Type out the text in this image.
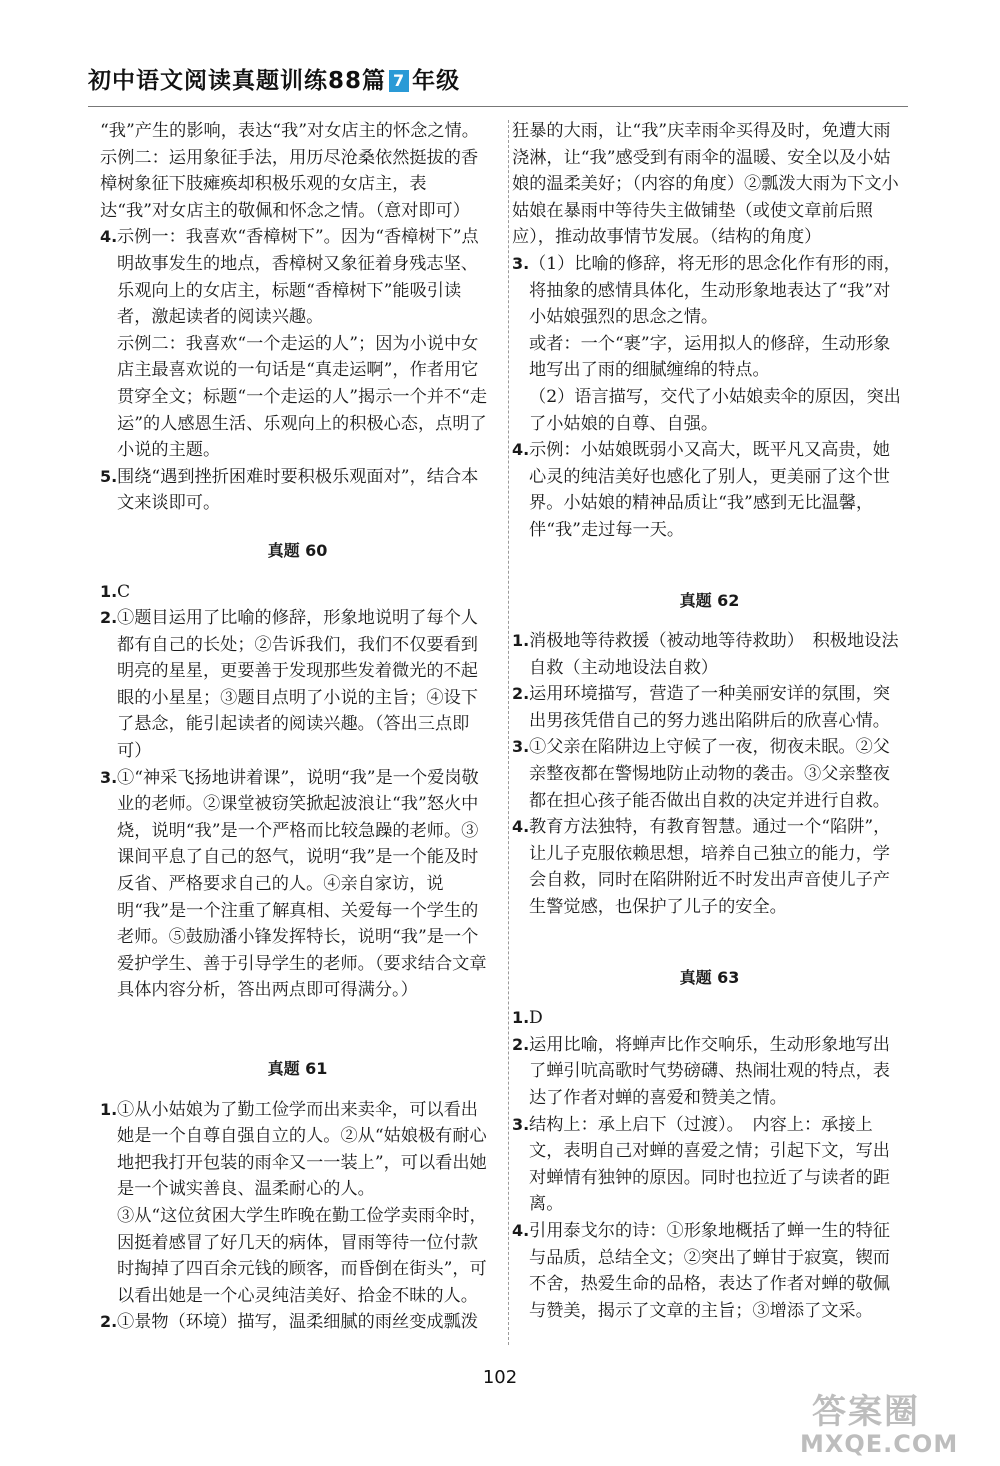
初中语文阅读真题训练88篇 7 年级

“我”产生的影响，表达“我”对女店主的怀念之情。示例二：运用象征手法，用历尽沧桑依然挺拔的香樟树象征下肢瘫痪却积极乐观的女店主，表达“我”对女店主的敬佩和怀念之情。（意对即可）

4. 示例一：我喜欢“香樟树下”。因为“香樟树下”点明故事发生的地点，香樟树又象征着身残志坚、乐观向上的女店主，标题“香樟树下”能吸引读者，激起读者的阅读兴趣。

示例二：我喜欢“一个走运的人”；因为小说中女店主最喜欢说的一句话是“真走运啊”，作者用它贯穿全文；标题“一个走运的人”揭示一个并不“走运”的人感恩生活、乐观向上的积极心态，点明了小说的主题。

5. 围绕“遇到挫折困难时要积极乐观面对”，结合本文来谈即可。

真题 60

1. C

2. ①题目运用了比喻的修辞，形象地说明了每个人都有自己的长处；②告诉我们，我们不仅要看到明亮的星星，更要善于发现那些发着微光的不起眼的小星星；③题目点明了小说的主旨；④设下了悬念，能引起读者的阅读兴趣。（答出三点即可）

3. ①“神采飞扬地讲着课”，说明“我”是一个爱岗敬业的老师。②课堂被窃笑掀起波浪让“我”怒火中烧，说明“我”是一个严格而比较急躁的老师。③课间平息了自己的怒气，说明“我”是一个能及时反省、严格要求自己的人。④亲自家访，说明“我”是一个注重了解真相、关爱每一个学生的老师。⑤鼓励潘小锋发挥特长，说明“我”是一个爱护学生、善于引导学生的老师。（要求结合文章具体内容分析，答出两点即可得满分。）

真题 61

1. ①从小姑娘为了勤工俭学而出来卖伞，可以看出她是一个自尊自强自立的人。②从“姑娘极有耐心地把我打开包装的雨伞又一一装上”，可以看出她是一个诚实善良、温柔耐心的人。

③从“这位贫困大学生昨晚在勤工俭学卖雨伞时，因挺着感冒了好几天的病体，冒雨等待一位付款时掏掉了四百余元钱的顾客，而昏倒在街头”，可以看出她是一个心灵纯洁美好、拾金不昧的人。

2. ①景物（环境）描写，温柔细腻的雨丝变成瓢泼

狂暴的大雨，让“我”庆幸雨伞买得及时，免遭大雨浇淋，让“我”感受到有雨伞的温暖、安全以及小姑娘的温柔美好；（内容的角度）②瓢泼大雨为下文小姑娘在暴雨中等待失主做铺垫（或使文章前后照应），推动故事情节发展。（结构的角度）

3. （1）比喻的修辞，将无形的思念化作有形的雨，将抽象的感情具体化，生动形象地表达了“我”对小姑娘强烈的思念之情。

或者：一个“裹”字，运用拟人的修辞，生动形象地写出了雨的细腻缠绵的特点。

（2）语言描写，交代了小姑娘卖伞的原因，突出了小姑娘的自尊、自强。

4. 示例：小姑娘既弱小又高大，既平凡又高贵，她心灵的纯洁美好也感化了别人，更美丽了这个世界。小姑娘的精神品质让“我”感到无比温馨，伴“我”走过每一天。

真题 62

1. 消极地等待救援（被动地等待救助）　积极地设法自救（主动地设法自救）

2. 运用环境描写，营造了一种美丽安详的氛围，突出男孩凭借自己的努力逃出陷阱后的欣喜心情。

3. ①父亲在陷阱边上守候了一夜，彻夜未眠。②父亲整夜都在警惕地防止动物的袭击。③父亲整夜都在担心孩子能否做出自救的决定并进行自救。

4. 教育方法独特，有教育智慧。通过一个“陷阱”，让儿子克服依赖思想，培养自己独立的能力，学会自救，同时在陷阱附近不时发出声音使儿子产生警觉感，也保护了儿子的安全。

真题 63

1. D

2. 运用比喻，将蝉声比作交响乐，生动形象地写出了蝉引吭高歌时气势磅礴、热闹壮观的特点，表达了作者对蝉的喜爱和赞美之情。

3. 结构上：承上启下（过渡）。　内容上：承接上文，表明自己对蝉的喜爱之情；引起下文，写出对蝉情有独钟的原因。同时也拉近了与读者的距离。

4. 引用泰戈尔的诗：①形象地概括了蝉一生的特征与品质，总结全文；②突出了蝉甘于寂寞，锲而不舍，热爱生命的品格，表达了作者对蝉的敬佩与赞美，揭示了文章的主旨；③增添了文采。

102
答案圈
MXQE.COM
